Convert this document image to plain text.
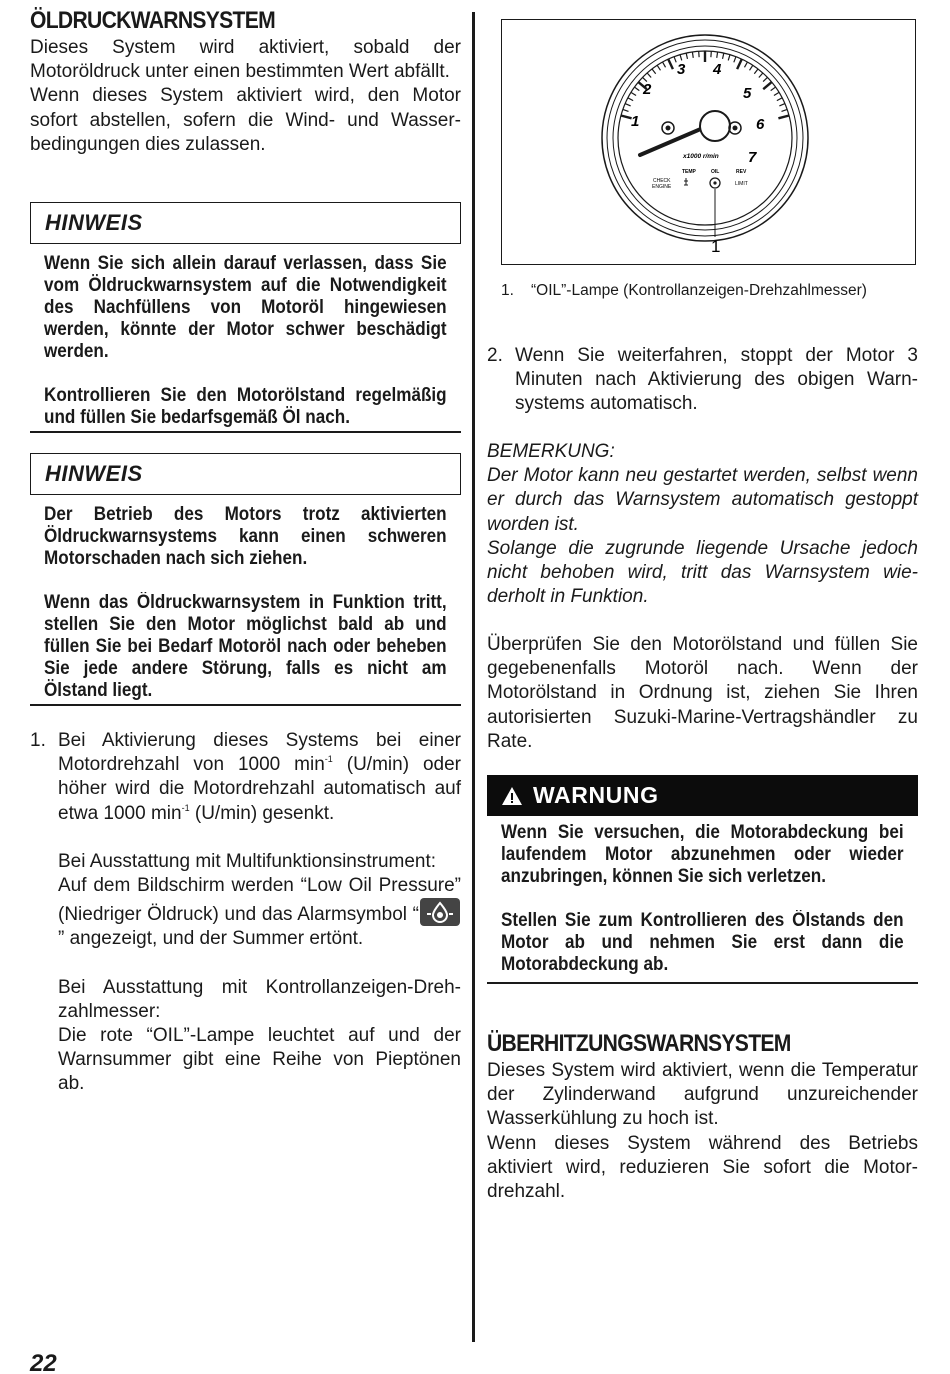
ÖLDRUCKWARNSYSTEM

Dieses System wird aktiviert, sobald der Motoröldruck unter einen bestimmten Wert abfällt.

Wenn dieses System aktiviert wird, den Motor sofort abstellen, sofern die Wind- und Wasserbedingungen dies zulassen.

HINWEIS

Wenn Sie sich allein darauf verlassen, dass Sie vom Öldruckwarnsystem auf die Notwendigkeit des Nachfüllens von Motoröl hingewiesen werden, könnte der Motor schwer beschädigt werden.

Kontrollieren Sie den Motorölstand regelmäßig und füllen Sie bedarfsgemäß Öl nach.

HINWEIS

Der Betrieb des Motors trotz aktivierten Öldruckwarnsystems kann einen schweren Motorschaden nach sich ziehen.

Wenn das Öldruckwarnsystem in Funktion tritt, stellen Sie den Motor möglichst bald ab und füllen Sie bei Bedarf Motoröl nach oder beheben Sie jede andere Störung, falls es nicht am Ölstand liegt.

1. Bei Aktivierung dieses Systems bei einer Motordrehzahl von 1000 $\min^{-1} (U/\min)$ oder höher wird die Motordrehzahl automatisch auf etwa 1000 $\min^{-1} (U/\min)$ gesenkt.

Bei Ausstattung mit Multifunktionsinstrument:

Auf dem Bildschirm werden “Low Oil Pressure” (Niedriger Öldruck) und das Alarmsymbol “
” angezeigt, und der Summer ertönt.

Bei Ausstattung mit Kontrollanzeigen-Drehzahlmesser:

Die rote “OIL”-Lampe leuchtet auf und der Warnsummer gibt eine Reihe von Pieptönen ab.

1
2
3 4
5
6
7
x1000 r/min
CHECK
ENGINE
TEMP	OIL	REV
LIMIT
1
1.	“OIL”-Lampe (Kontrollanzeigen-Drehzahlmesser)
2. Wenn Sie weiterfahren, stoppt der Motor 3 Minuten nach Aktivierung des obigen Warnsystems automatisch.

BEMERKUNG:

Der Motor kann neu gestartet werden, selbst wenn er durch das Warnsystem automatisch gestoppt worden ist.

Solange die zugrunde liegende Ursache jedoch nicht behoben wird, tritt das Warnsystem wiederholt in Funktion.

Überprüfen Sie den Motorölstand und füllen Sie gegebenenfalls Motoröl nach. Wenn der Motorölstand in Ordnung ist, ziehen Sie Ihren autorisierten Suzuki-Marine-Vertragshändler zu Rate.

WARNUNG

Wenn Sie versuchen, die Motorabdeckung bei laufendem Motor abzunehmen oder wieder anzubringen, können Sie sich verletzen.

Stellen Sie zum Kontrollieren des Ölstands den Motor ab und nehmen Sie erst dann die Motorabdeckung ab.

ÜBERHITZUNGSWARNSYSTEM

Dieses System wird aktiviert, wenn die Temperatur der Zylinderwand aufgrund unzureichender Wasserkühlung zu hoch ist.

Wenn dieses System während des Betriebs aktiviert wird, reduzieren Sie sofort die Motordrehzahl.

22
